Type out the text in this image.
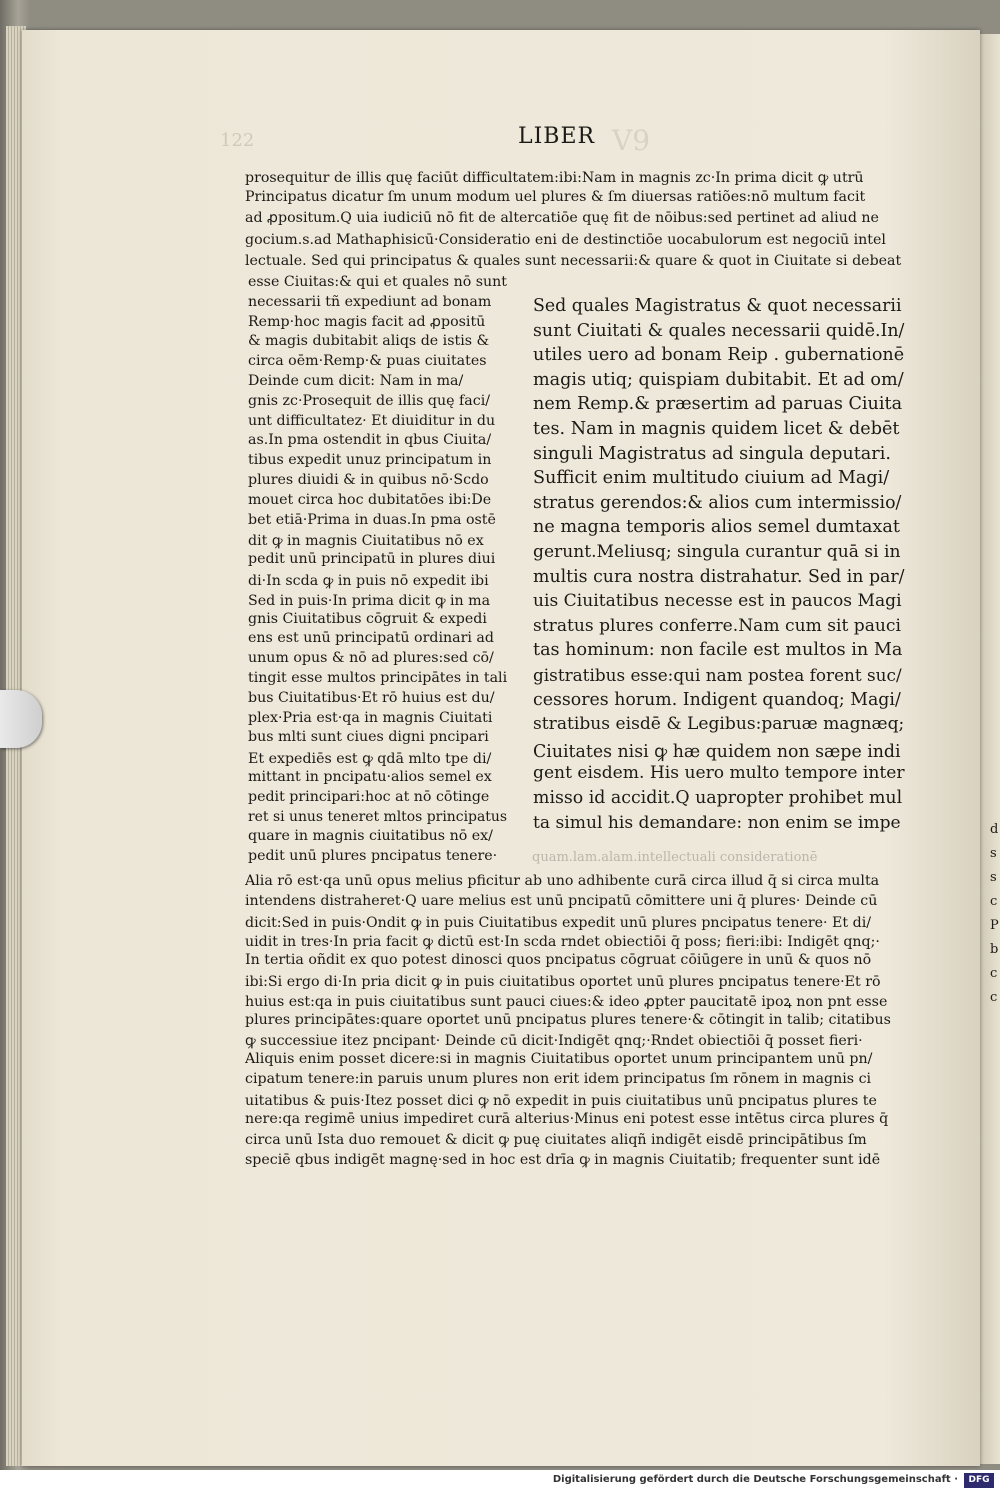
d
s
s
c
P
b
c
c
122	V9
LIBER
prosequitur de illis quę faciūt difficultatem:ibi:Nam in magnis zc·In prima dicit ꝙ utrū
Principatus dicatur ſm unum modum uel plures & ſm diuersas ratiões:nō multum facit
ad ꝓpositum.Q uia iudiciū nō fit de altercatiōe quę fit de nōibus:sed pertinet ad aliud ne
gocium.s.ad Mathaphisicū·Consideratio eni de destinctiōe uocabulorum est negociū intel
lectuale. Sed qui principatus & quales sunt necessarii:& quare & quot in Ciuitate si debeat
esse Ciuitas:& qui et quales nō sunt
necessarii tñ expediunt ad bonam
Remp·hoc magis facit ad ꝓpositū
& magis dubitabit aliqs de istis &
circa oēm·Remp·& puas ciuitates
Deinde cum dicit: Nam in ma/
gnis zc·Prosequit de illis quę faci/
unt difficultatez· Et diuiditur in du
as.In pma ostendit in qbus Ciuita/
tibus expedit unuz principatum in
plures diuidi & in quibus nō·Scdo
mouet circa hoc dubitatōes ibi:De
bet etiā·Prima in duas.In pma ostē
dit ꝙ in magnis Ciuitatibus nō ex
pedit unū principatū in plures diui
di·In scda ꝙ in puis nō expedit ibi
Sed in puis·In prima dicit ꝙ in ma
gnis Ciuitatibus cōgruit & expedi
ens est unū principatū ordinari ad
unum opus & nō ad plures:sed cō/
tingit esse multos principātes in tali
bus Ciuitatibus·Et rō huius est du/
plex·Pria est·qa in magnis Ciuitati
bus mlti sunt ciues digni pncipari
Et expediēs est ꝙ qdā mlto tpe di/
mittant in pncipatu·alios semel ex
pedit principari:hoc at nō cōtinge
ret si unus teneret mltos principatus
quare in magnis ciuitatibus nō ex/
pedit unū plures pncipatus tenere·
Sed quales Magistratus & quot necessarii
sunt Ciuitati & quales necessarii quidē.In/
utiles uero ad bonam Reip . gubernationē
magis utiq; quispiam dubitabit. Et ad om/
nem Remp.& præsertim ad paruas Ciuita
tes. Nam in magnis quidem licet & debēt
singuli Magistratus ad singula deputari.
Sufficit enim multitudo ciuium ad Magi/
stratus gerendos:& alios cum intermissio/
ne magna temporis alios semel dumtaxat
gerunt.Meliusq; singula curantur quā si in
multis cura nostra distrahatur. Sed in par/
uis Ciuitatibus necesse est in paucos Magi
stratus plures conferre.Nam cum sit pauci
tas hominum: non facile est multos in Ma
gistratibus esse:qui nam postea forent suc/
cessores horum. Indigent quandoq; Magi/
stratibus eisdē & Legibus:paruæ magnæq;
Ciuitates nisi ꝙ hæ quidem non sæpe indi
gent eisdem. His uero multo tempore inter
misso id accidit.Q uapropter prohibet mul
ta simul his demandare: non enim se impe
quam.lam.alam.intellectuali considerationē
Alia rō est·qa unū opus melius pficitur ab uno adhibente curā circa illud q̄ si circa multa
intendens distraheret·Q uare melius est unū pncipatū cōmittere uni q̄ plures· Deinde cū
dicit:Sed in puis·Ondit ꝙ in puis Ciuitatibus expedit unū plures pncipatus tenere· Et di/
uidit in tres·In pria facit ꝙ dictū est·In scda rndet obiectiōi q̄ poss; fieri:ibi: Indigēt qnq;·
In tertia oñdit ex quo potest dinosci quos pncipatus cōgruat cōiūgere in unū & quos nō
ibi:Si ergo di·In pria dicit ꝙ in puis ciuitatibus oportet unū plures pncipatus tenere·Et rō
huius est:qa in puis ciuitatibus sunt pauci ciues:& ideo ꝓpter paucitatē ipoꝝ non pnt esse
plures principātes:quare oportet unū pncipatus plures tenere·& cōtingit in talib; citatibus
ꝙ successiue itez pncipant· Deinde cū dicit·Indigēt qnq;·Rndet obiectiōi q̄ posset fieri·
Aliquis enim posset dicere:si in magnis Ciuitatibus oportet unum principantem unū pn/
cipatum tenere:in paruis unum plures non erit idem principatus ſm rōnem in magnis ci
uitatibus & puis·Itez posset dici ꝙ nō expedit in puis ciuitatibus unū pncipatus plures te
nere:qa regimē unius impediret curā alterius·Minus eni potest esse intētus circa plures q̄
circa unū Ista duo remouet & dicit ꝙ puę ciuitates aliqñ indigēt eisdē principātibus ſm
speciē qbus indigēt magnę·sed in hoc est drīa ꝙ in magnis Ciuitatib; frequenter sunt idē
Digitalisierung gefördert durch die Deutsche Forschungsgemeinschaft ·	DFG
